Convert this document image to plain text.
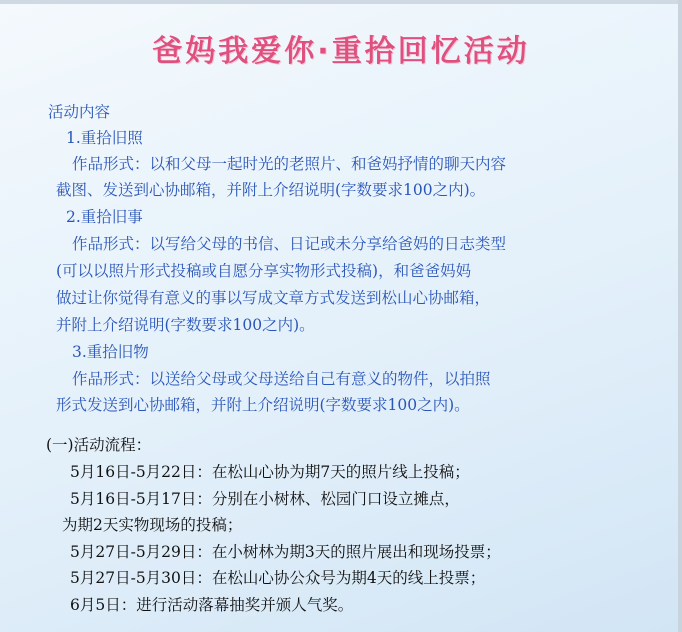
爸妈我爱你·重拾回忆活动
活动内容
1.重拾旧照
作品形式：以和父母一起时光的老照片、和爸妈抒情的聊天内容
截图、发送到心协邮箱，并附上介绍说明(字数要求100之内)。
2.重拾旧事
作品形式：以写给父母的书信、日记或未分享给爸妈的日志类型
(可以以照片形式投稿或自愿分享实物形式投稿)，和爸爸妈妈
做过让你觉得有意义的事以写成文章方式发送到松山心协邮箱，
并附上介绍说明(字数要求100之内)。
3.重拾旧物
作品形式：以送给父母或父母送给自己有意义的物件，以拍照
形式发送到心协邮箱，并附上介绍说明(字数要求100之内)。
(一)活动流程：
5月16日-5月22日：在松山心协为期7天的照片线上投稿；
5月16日-5月17日：分别在小树林、松园门口设立摊点，
为期2天实物现场的投稿；
5月27日-5月29日：在小树林为期3天的照片展出和现场投票；
5月27日-5月30日：在松山心协公众号为期4天的线上投票；
6月5日：进行活动落幕抽奖并颁人气奖。
